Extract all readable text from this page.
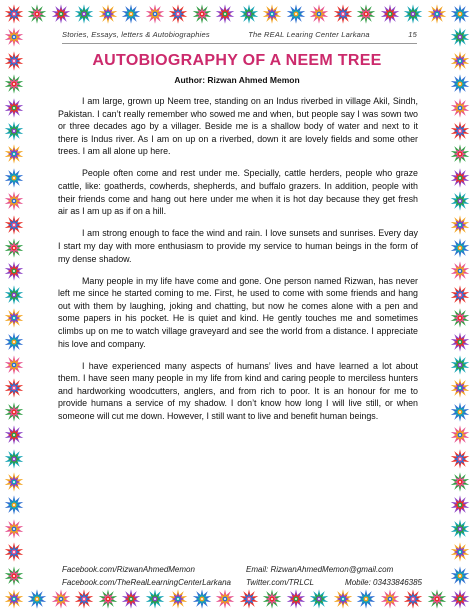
Stories, Essays, letters & Autobiographies	The REAL Learing Center Larkana	15
AUTOBIOGRAPHY OF A NEEM TREE
Author: Rizwan Ahmed Memon

I am large, grown up Neem tree, standing on an Indus riverbed in village Akil, Sindh, Pakistan. I can’t really remember who sowed me and when, but people say I was sown two or three decades ago by a villager. Beside me is a shallow body of water and next to it there is Indus river. As I am on up on a riverbed, down it are lovely fields and some other trees. I am all alone up here.

People often come and rest under me. Specially, cattle herders, people who graze cattle, like: goatherds, cowherds, shepherds, and buffalo grazers. In addition, people with their friends come and hang out here under me when it is hot day because they get fresh air as I am up as if on a hill.

I am strong enough to face the wind and rain. I love sunsets and sunrises. Every day I start my day with more enthusiasm to provide my service to human beings in the form of my dense shadow.

Many people in my life have come and gone. One person named Rizwan, has never left me since he started coming to me. First, he used to come with some friends and hang out with them by laughing, joking and chatting, but now he comes alone with a pen and some papers in his pocket. He is quiet and kind. He gently touches me and sometimes climbs up on me to watch village graveyard and see the world from a distance. I appreciate his love and company.

I have experienced many aspects of humans’ lives and have learned a lot about them. I have seen many people in my life from kind and caring people to merciless hunters and hardworking woodcutters, anglers, and from rich to poor. It is an honour for me to provide humans a service of my shadow. I don’t know how long I will live still, or when someone will cut me down. However, I still want to live and benefit human beings.

Facebook.com/RizwanAhmedMemon	Email: RizwanAhmedMemon@gmail.com
Facebook.com/TheRealLearningCenterLarkana	Twitter.com/TRLCL	Mobile: 03433846385
